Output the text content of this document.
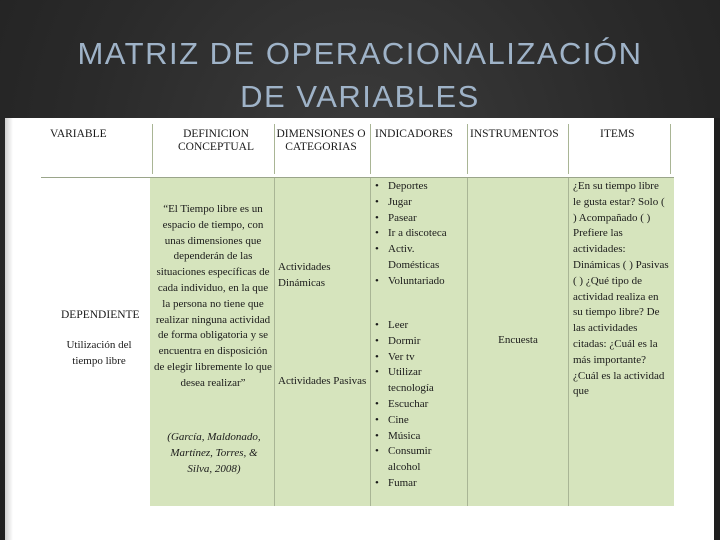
MATRIZ DE OPERACIONALIZACIÓN
DE VARIABLES
VARIABLE	DEFINICION CONCEPTUAL
DIMENSIONES O CATEGORIAS
INDICADORES INSTRUMENTOS	ITEMS
DEPENDIENTE
Utilización del tiempo libre
“El Tiempo libre es un espacio de tiempo, con unas dimensiones que dependerán de las situaciones específicas de cada individuo, en la que la persona no tiene que realizar ninguna actividad de forma obligatoria y se encuentra en disposición de elegir libremente lo que desea realizar”
(García, Maldonado, Martínez, Torres, & Silva, 2008)
Actividades Dinámicas
Actividades Pasivas
• Deportes
• Jugar
• Pasear
• Ir a discoteca
• Activ. Domésticas
• Voluntariado
• Leer
• Dormir
• Ver tv
• Utilizar tecnología
• Escuchar
• Cine
• Música
• Consumir alcohol
• Fumar
Encuesta
¿En su tiempo libre le gusta estar? Solo ( ) Acompañado ( ) Prefiere las actividades: Dinámicas ( ) Pasivas ( ) ¿Qué tipo de actividad realiza en su tiempo libre? De las actividades citadas: ¿Cuál es la más importante? ¿Cuál es la actividad que
